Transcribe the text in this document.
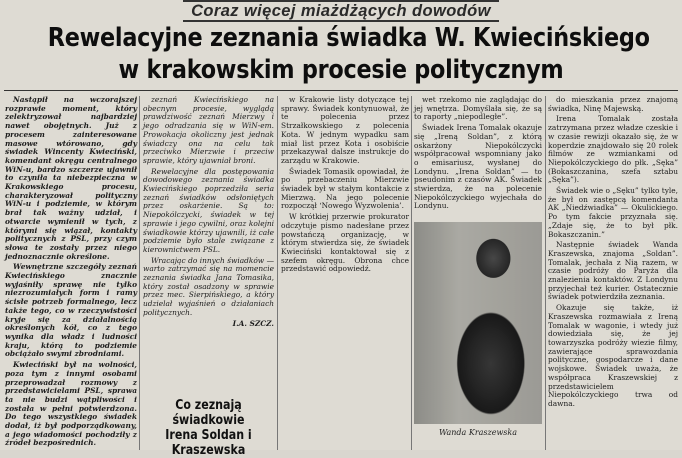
Coraz więcej miażdżących dowodów
Rewelacyjne zeznania świadka W. Kwiecińskiego
w krakowskim procesie politycznym

Nastąpił na wczorajszej rozprawie moment, który zelektryzował najbardziej nawet obojętnych. Już z procesem zainteresowane masowe wtórowano, gdy świadek Wincenty Kwieciński, komendant okręgu centralnego WiN-u, bardzo szczerze ujawnił to czyniła ta niebezpieczna w Krakowskiego procesu, charakteryzował polityczny WiN-u i podziemie, w którym brał tak ważny udział, i otwarcie wymienił w tych, z którymi się wiązał, kontakty politycznych z PSL, przy czym słowa te zostały przez niego jednoznacznie określone.

Wewnętrzne szczegóły zeznań Kwiecińskiego znacznie wyjaśniły sprawę nie tylko niezrozumiałych form i ramy ścisłe potrzeb formalnego, lecz także tego, co w rzeczywistości kryje się za działalnością określonych kół, co z tego wynika dla władz i ludności kraju, którą to podziemie obciążało swymi zbrodniami.

Kwieciński był na wolności, poza tym z innymi osobami przeprowadzał rozmowy z przedstawicielami PSL, sprawa ta nie budzi wątpliwości i została w pełni potwierdzona. Do tego wszystkiego świadek dodał, iż był podporządkowany, a jego wiadomości pochodziły z źródeł bezpośrednich.

zeznań Kwiecińskiego na obecnym procesie, wyglądą prawdziwość zeznań Mierzwy i jego odradzania się w WiN-em. Prowokacja okoliczny jest jednak świadczy ona na celu tak przeciwko Mierzwie i przeciw sprawie, który ujawniał broni.

Rewelacyjne dla postępowania dowodowego zeznania świadka Kwiecińskiego poprzedziła seria zeznań świadków odsłoniętych przez oskarżenie. Są to: Niepokólczycki, świadek w tej sprawie i jego cywilni, oraz kolejni świadkowie którzy ujawnili, iż całe podziemie było stale związane z kierownictwem PSL.

Wracając do innych świadków — warto zatrzymać się na momencie zeznania świadka Jana Tomasika, który został osadzony w sprawie przez mec. Sierpińskiego, a który udzielał wyjaśnień o działaniach politycznych.

I.A. SZCZ.

Co zeznają świadkowie
Irena Soldan i Kraszewska

w Krakowie listy dotyczące tej sprawy. Świadek kontynuował, że te polecenia przez Strzałkowskiego z polecenia Kota. W jednym wypadku sam miał list przez Kota i osobiście przekazywał dalsze instrukcje do zarządu w Krakowie.

Świadek Tomasik opowiadał, że po przebaczeniu Mierzwie świadek był w stałym kontakcie z Mierzwą. Na jego polecenie rozpoczął ‘Nowego Wyzwolenia’.

W krótkiej przerwie prokurator odczytuje pismo nadesłane przez powstańczą organizację, w którym stwierdza się, że świadek Kwieciński kontaktował się z szefem okręgu. Obrona chce przedstawić odpowiedź.

wet rzekomo nie zaglądając do jej wnętrza. Domyślała się, że są to raporty „niepodległe”.

Świadek Irena Tomalak okazuje się „Ireną Soldan”, z którą oskarżony Niepokólczycki współpracował wspomniany jako o emisariusz, wysłanej do Londynu. „Irena Soldan” — to pseudonim z czasów AK. Świadek stwierdza, że na polecenie Niepokólczyckiego wyjechała do Londynu.

Wanda Kraszewska

do mieszkania przez znajomą świadka, Ninę Majewską.

Irena Tomalak została zatrzymana przez władze czeskie i w czasie rewizji okazało się, że w koperdzie znajdowało się 20 rolek filmów ze wzmiankami od Niepokólczyckiego do płk. „Sęka” (Bokaszczanina, szefa sztabu „Sęka”).

Świadek wie o „Sęku” tylko tyle, że był on zastępcą komendanta AK „Niedźwiadka” — Okulickiego. Po tym fakcie przyznała się. „Zdaje się, że to był płk. Bokaszczanin.”

Następnie świadek Wanda Kraszewska, znajoma „Soldan”. Tomalak, jechała z Nią razem, w czasie podróży do Paryża dla znalezienia kontaktów. Z Londynu przyjechał też kurier. Ostatecznie świadek potwierdziła zeznania.

Okazuje się także, iż Kraszewska rozmawiała z Ireną Tomalak w wagonie, i wtedy już dowiedziała się, że jej towarzyszka podróży wiezie filmy, zawierające sprawozdania polityczne, gospodarcze i dane wojskowe. Świadek uważa, że współpraca Kraszewskiej z przedstawicielem Niepokólczyckiego trwa od dawna.
